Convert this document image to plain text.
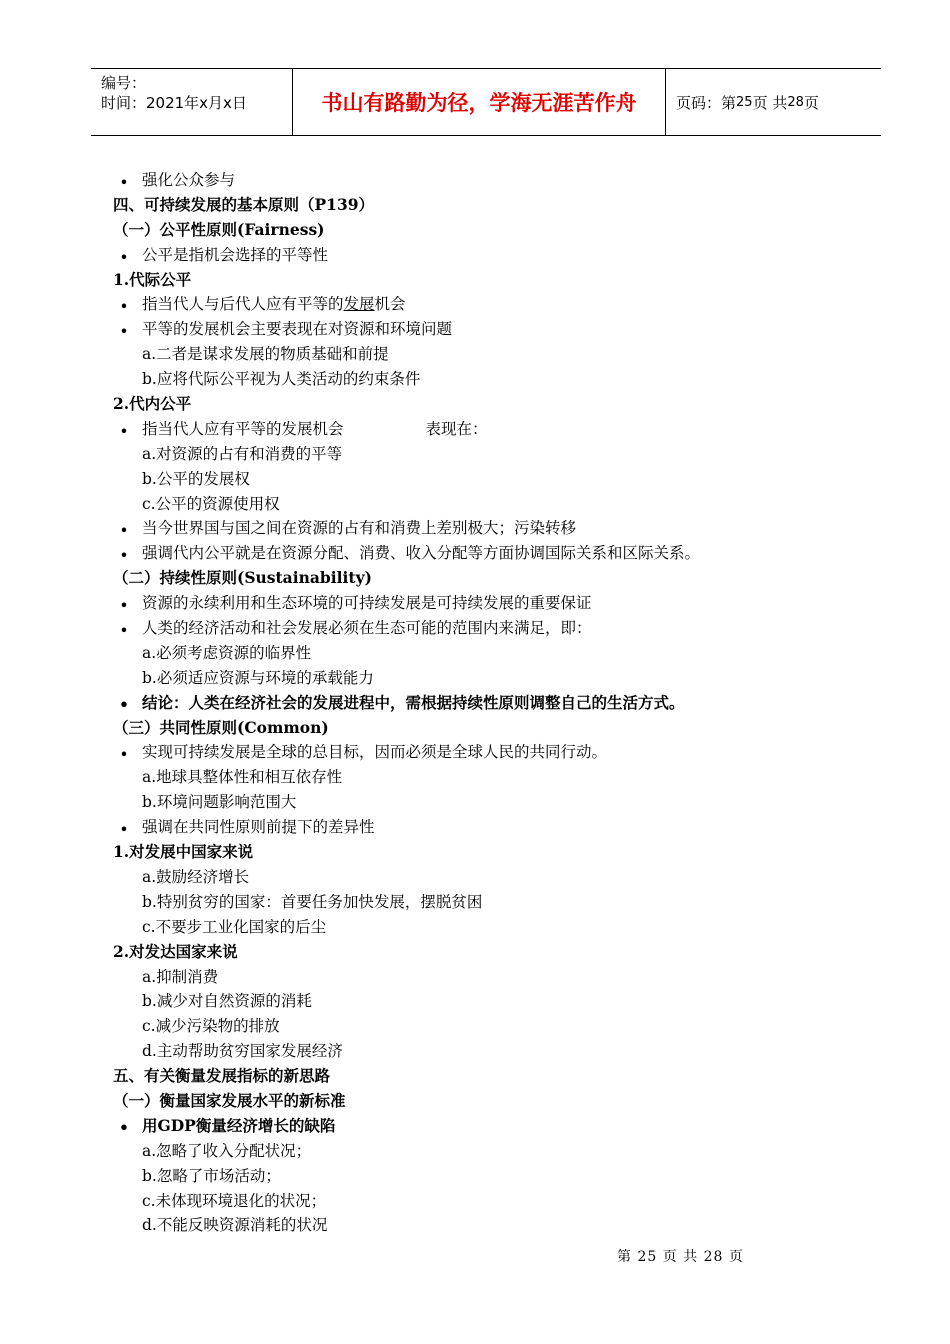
编号：
时间：2021年x月x日	书山有路勤为径，学海无涯苦作舟	页码：第 25 页 共 28 页
• 强化公众参与
四、可持续发展的基本原则（P139）
（一）公平性原则(Fairness)
• 公平是指机会选择的平等性
1.代际公平
• 指当代人与后代人应有平等的发展机会
• 平等的发展机会主要表现在对资源和环境问题
a.二者是谋求发展的物质基础和前提
b.应将代际公平视为人类活动的约束条件
2.代内公平
• 指当代人应有平等的发展机会	表现在：
a.对资源的占有和消费的平等
b.公平的发展权
c.公平的资源使用权
• 当今世界国与国之间在资源的占有和消费上差别极大；污染转移
• 强调代内公平就是在资源分配、消费、收入分配等方面协调国际关系和区际关系。
（二）持续性原则(Sustainability)
• 资源的永续利用和生态环境的可持续发展是可持续发展的重要保证
• 人类的经济活动和社会发展必须在生态可能的范围内来满足，即：
a.必须考虑资源的临界性
b.必须适应资源与环境的承载能力
• 结论：人类在经济社会的发展进程中，需根据持续性原则调整自己的生活方式。
（三）共同性原则(Common)
• 实现可持续发展是全球的总目标，因而必须是全球人民的共同行动。
a.地球具整体性和相互依存性
b.环境问题影响范围大
• 强调在共同性原则前提下的差异性
1.对发展中国家来说
a.鼓励经济增长
b.特别贫穷的国家：首要任务加快发展，摆脱贫困
c.不要步工业化国家的后尘
2.对发达国家来说
a.抑制消费
b.减少对自然资源的消耗
c.减少污染物的排放
d.主动帮助贫穷国家发展经济
五、有关衡量发展指标的新思路
（一）衡量国家发展水平的新标准
• 用GDP衡量经济增长的缺陷
a.忽略了收入分配状况；
b.忽略了市场活动；
c.未体现环境退化的状况；
d.不能反映资源消耗的状况
第 25 页 共 28 页
